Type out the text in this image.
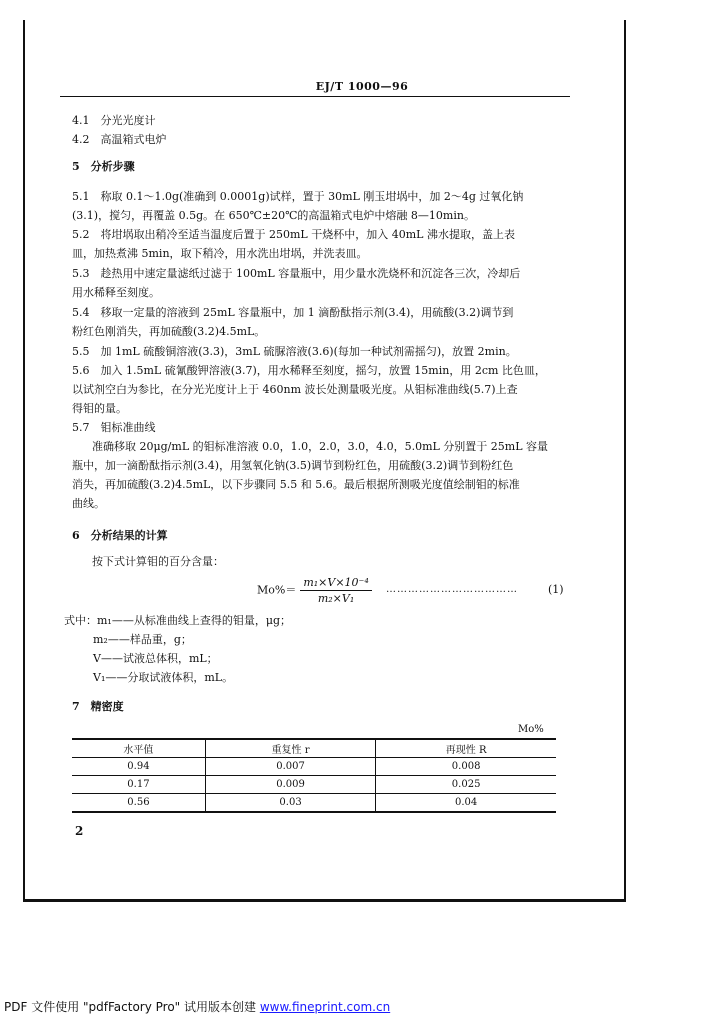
EJ/T 1000—96
4.1　分光光度计
4.2　高温箱式电炉
5　分析步骤
5.1　称取 0.1～1.0g(准确到 0.0001g)试样，置于 30mL 刚玉坩埚中，加 2～4g 过氧化钠
(3.1)，搅匀，再覆盖 0.5g。在 650℃±20℃的高温箱式电炉中熔融 8—10min。
5.2　将坩埚取出稍冷至适当温度后置于 250mL 干烧杯中，加入 40mL 沸水提取，盖上表
皿，加热煮沸 5min，取下稍冷，用水洗出坩埚，并洗表皿。
5.3　趁热用中速定量滤纸过滤于 100mL 容量瓶中，用少量水洗烧杯和沉淀各三次，冷却后
用水稀释至刻度。
5.4　移取一定量的溶液到 25mL 容量瓶中，加 1 滴酚酞指示剂(3.4)，用硫酸(3.2)调节到
粉红色刚消失，再加硫酸(3.2)4.5mL。
5.5　加 1mL 硫酸铜溶液(3.3)，3mL 硫脲溶液(3.6)(每加一种试剂需摇匀)，放置 2min。
5.6　加入 1.5mL 硫氰酸钾溶液(3.7)，用水稀释至刻度，摇匀，放置 15min，用 2cm 比色皿，
以试剂空白为参比，在分光光度计上于 460nm 波长处测量吸光度。从钼标准曲线(5.7)上查
得钼的量。
5.7　钼标准曲线
准确移取 20μg/mL 的钼标准溶液 0.0，1.0，2.0，3.0，4.0，5.0mL 分别置于 25mL 容量
瓶中，加一滴酚酞指示剂(3.4)，用氢氧化钠(3.5)调节到粉红色，用硫酸(3.2)调节到粉红色
消失，再加硫酸(3.2)4.5mL，以下步骤同 5.5 和 5.6。最后根据所测吸光度值绘制钼的标准
曲线。
6　分析结果的计算
按下式计算钼的百分含量：
$Mo\%= \frac{\text{m₁×V×10⁻⁴}}{\text{m₂×V₁}}$ ………………………………	(1)
式中：m₁——从标准曲线上查得的钼量，μg；
m₂——样品重，g；
V——试液总体积，mL；
V₁——分取试液体积，mL。
7　精密度
Mo%
水平值	重复性 r	再现性 R
0.94	0.007	0.008
0.17	0.009	0.025
0.56	0.03	0.04
2
PDF 文件使用 "pdfFactory Pro" 试用版本创建 www.fineprint.com.cn
